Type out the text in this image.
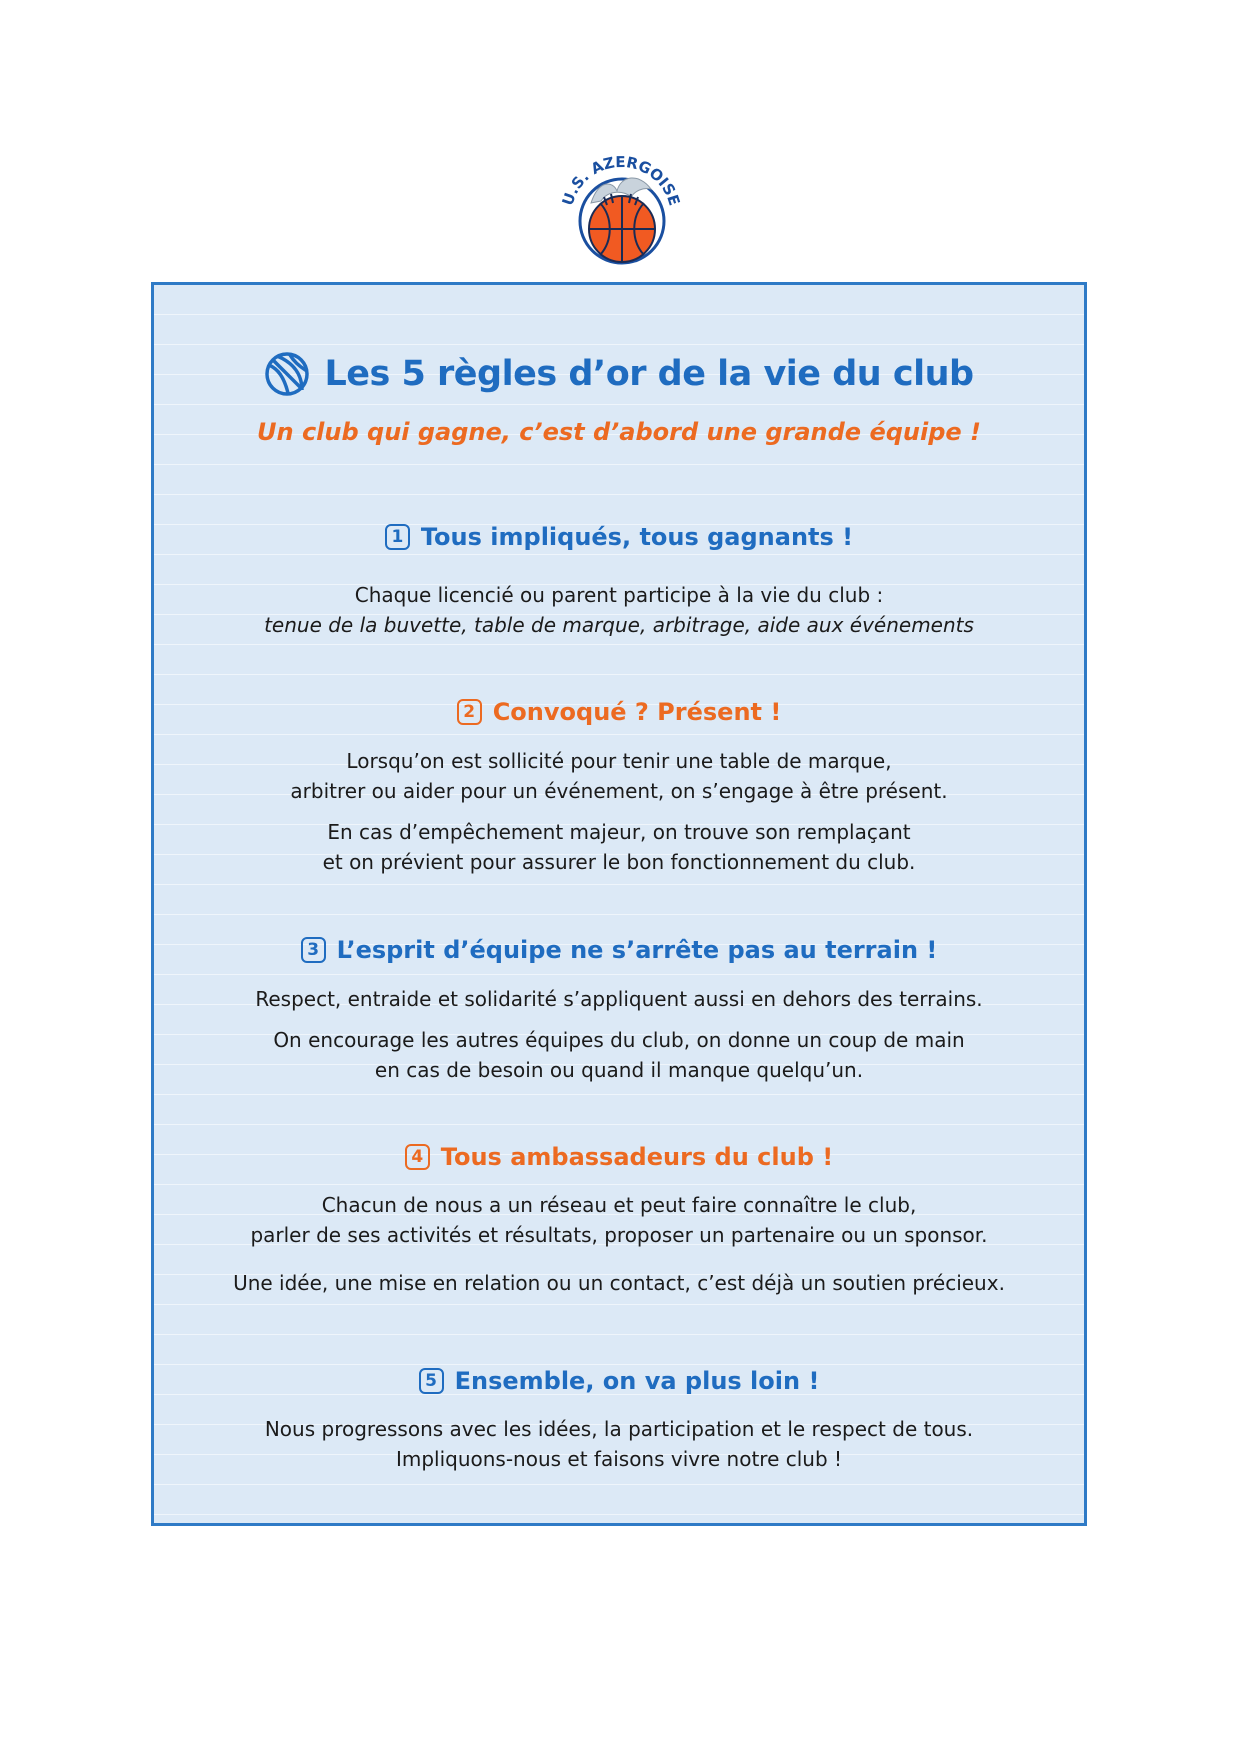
U.S. AZERGOISE
Les 5 règles d’or de la vie du club
Un club qui gagne, c’est d’abord une grande équipe !
1 Tous impliqués, tous gagnants !
Chaque licencié ou parent participe à la vie du club :
tenue de la buvette, table de marque, arbitrage, aide aux événements
2 Convoqué ? Présent !
Lorsqu’on est sollicité pour tenir une table de marque,
arbitrer ou aider pour un événement, on s’engage à être présent.
En cas d’empêchement majeur, on trouve son remplaçant
et on prévient pour assurer le bon fonctionnement du club.
3 L’esprit d’équipe ne s’arrête pas au terrain !
Respect, entraide et solidarité s’appliquent aussi en dehors des terrains.
On encourage les autres équipes du club, on donne un coup de main
en cas de besoin ou quand il manque quelqu’un.
4 Tous ambassadeurs du club !
Chacun de nous a un réseau et peut faire connaître le club,
parler de ses activités et résultats, proposer un partenaire ou un sponsor.
Une idée, une mise en relation ou un contact, c’est déjà un soutien précieux.
5 Ensemble, on va plus loin !
Nous progressons avec les idées, la participation et le respect de tous.
Impliquons-nous et faisons vivre notre club !
